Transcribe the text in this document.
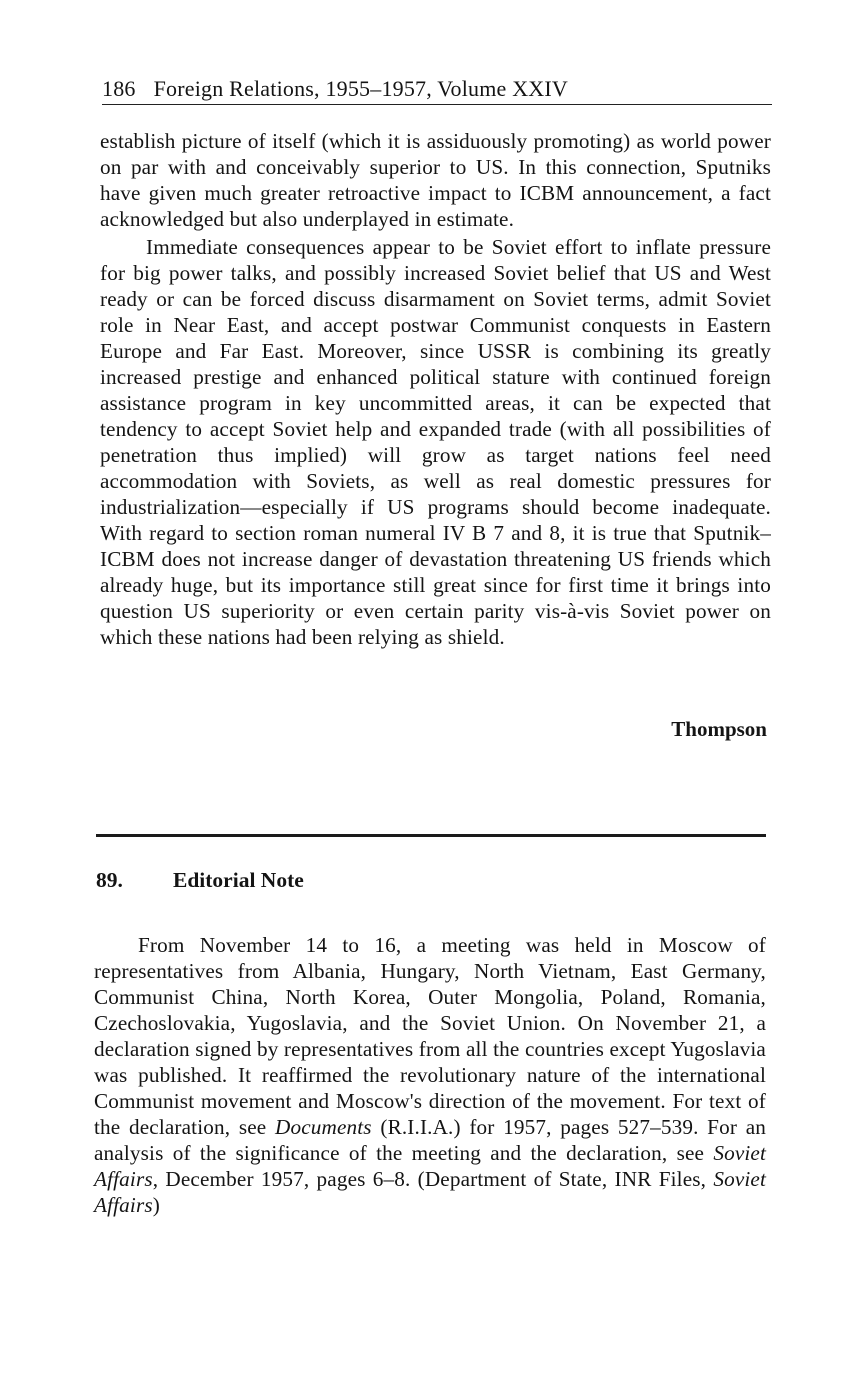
186 Foreign Relations, 1955–1957, Volume XXIV

establish picture of itself (which it is assiduously promoting) as world power on par with and conceivably superior to US. In this connection, Sputniks have given much greater retroactive impact to ICBM announcement, a fact acknowledged but also underplayed in estimate.

Immediate consequences appear to be Soviet effort to inflate pressure for big power talks, and possibly increased Soviet belief that US and West ready or can be forced discuss disarmament on Soviet terms, admit Soviet role in Near East, and accept postwar Communist conquests in Eastern Europe and Far East. Moreover, since USSR is combining its greatly increased prestige and enhanced political stature with continued foreign assistance program in key uncommitted areas, it can be expected that tendency to accept Soviet help and expanded trade (with all possibilities of penetration thus implied) will grow as target nations feel need accommodation with Soviets, as well as real domestic pressures for industrialization—especially if US programs should become inadequate. With regard to section roman numeral IV B 7 and 8, it is true that Sputnik–ICBM does not increase danger of devastation threatening US friends which already huge, but its importance still great since for first time it brings into question US superiority or even certain parity vis-à-vis Soviet power on which these nations had been relying as shield.

Thompson
89. Editorial Note

From November 14 to 16, a meeting was held in Moscow of representatives from Albania, Hungary, North Vietnam, East Germany, Communist China, North Korea, Outer Mongolia, Poland, Romania, Czechoslovakia, Yugoslavia, and the Soviet Union. On November 21, a declaration signed by representatives from all the countries except Yugoslavia was published. It reaffirmed the revolutionary nature of the international Communist movement and Moscow's direction of the movement. For text of the declaration, see Documents (R.I.I.A.) for 1957, pages 527–539. For an analysis of the significance of the meeting and the declaration, see Soviet Affairs, December 1957, pages 6–8. (Department of State, INR Files, Soviet Affairs)
